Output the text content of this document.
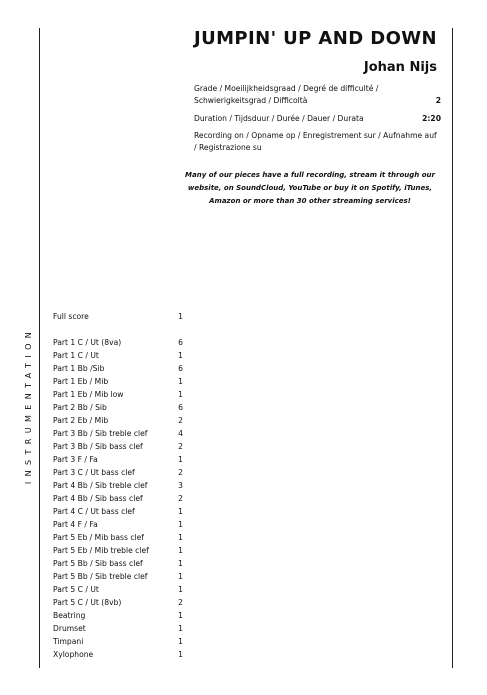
JUMPIN' UP AND DOWN
Johan Nijs
Grade / Moeilijkheidsgraad / Degré de difficulté / Schwierigkeitsgrad / Difficoltà	2
Duration / Tijdsduur / Durée / Dauer / Durata	2:20
Recording on / Opname op / Enregistrement sur / Aufnahme auf / Registrazione su
Many of our pieces have a full recording, stream it through our website, on SoundCloud, YouTube or buy it on Spotify, iTunes, Amazon or more than 30 other streaming services!
INSTRUMENTATION
Full score	1
Part 1 C / Ut (8va)	6
Part 1 C / Ut	1
Part 1 Bb /Sib	6
Part 1 Eb / Mib	1
Part 1 Eb / Mib low	1
Part 2 Bb / Sib	6
Part 2 Eb / Mib	2
Part 3 Bb / Sib treble clef	4
Part 3 Bb / Sib bass clef	2
Part 3 F / Fa	1
Part 3 C / Ut bass clef	2
Part 4 Bb / Sib treble clef	3
Part 4 Bb / Sib bass clef	2
Part 4 C / Ut bass clef	1
Part 4 F / Fa	1
Part 5 Eb / Mib bass clef	1
Part 5 Eb / Mib treble clef	1
Part 5 Bb / Sib bass clef	1
Part 5 Bb / Sib treble clef	1
Part 5 C / Ut	1
Part 5 C / Ut (8vb)	2
Beatring	1
Drumset	1
Timpani	1
Xylophone	1
